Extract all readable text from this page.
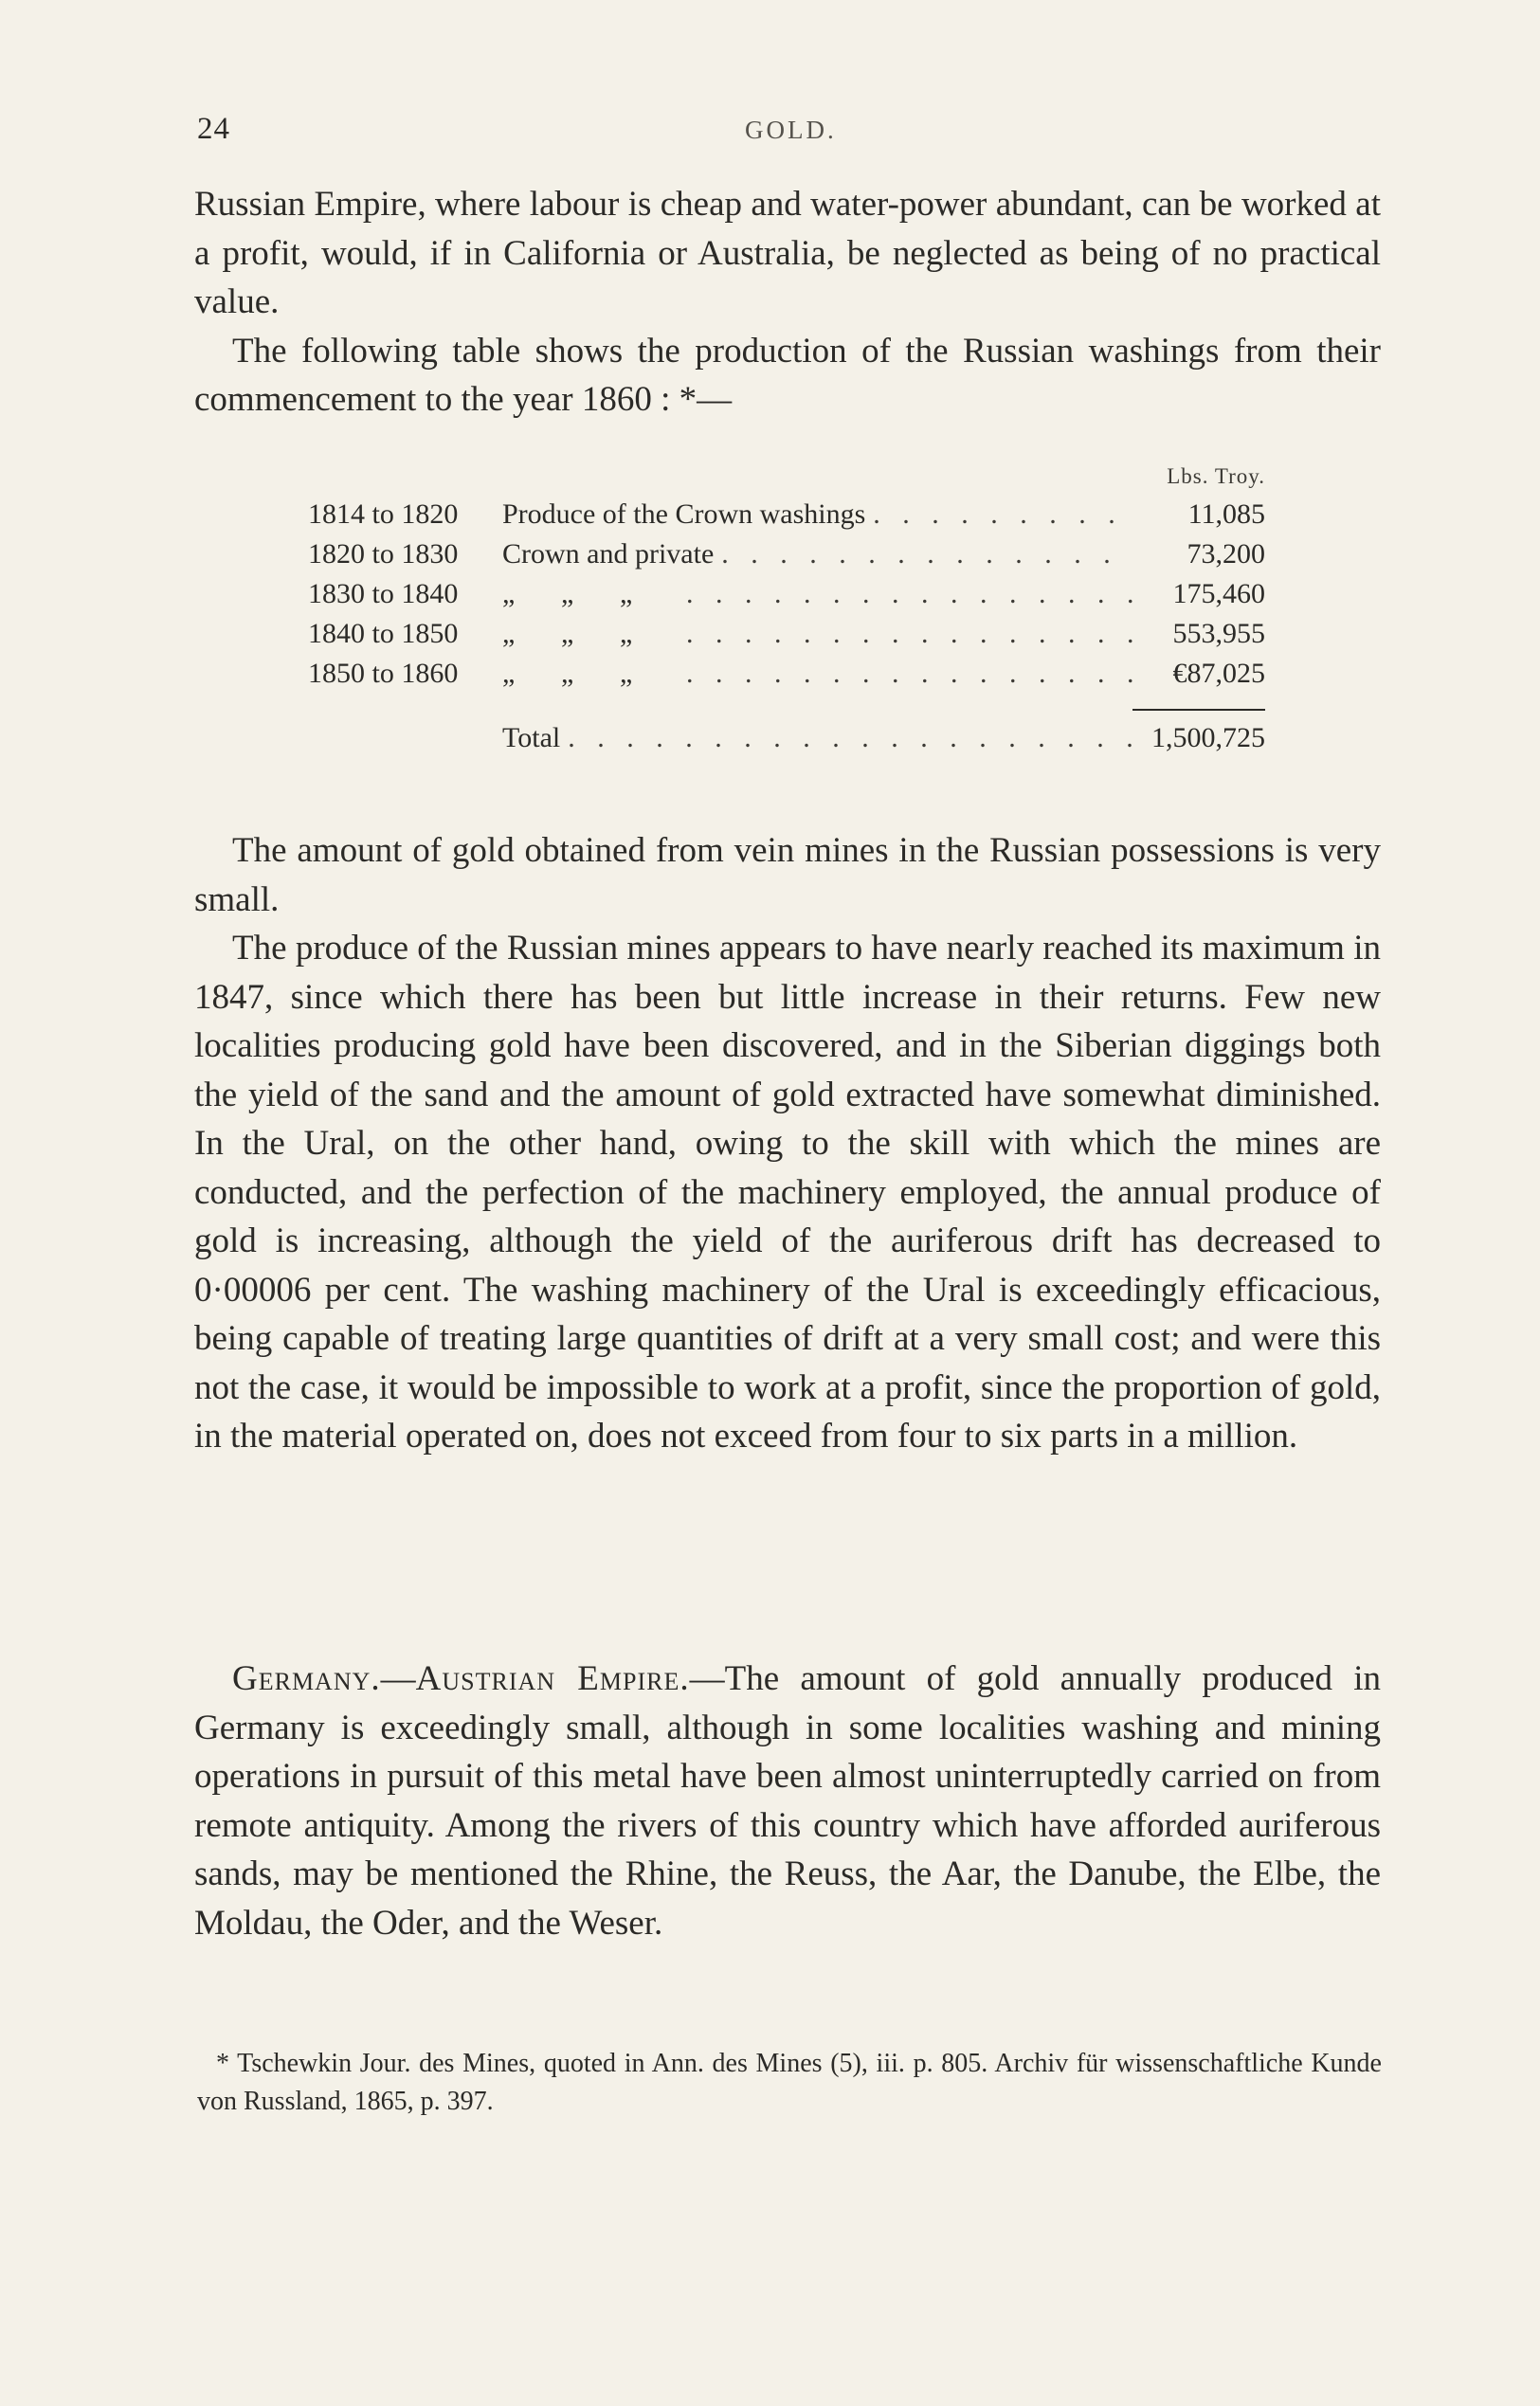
24	GOLD.

Russian Empire, where labour is cheap and water-power abundant, can be worked at a profit, would, if in California or Australia, be neglected as being of no practical value.

The following table shows the production of the Russian washings from their commencement to the year 1860 : *—

Lbs. Troy.
1814 to 1820	Produce of the Crown washings . . .	11,085
1820 to 1830	Crown and private . . .	73,200
1830 to 1840	„ „ „ . . .	175,460
1840 to 1850	„ „ „ . . .	553,955
1850 to 1860	„ „ „ . . .	€87,025
Total . . .	1,500,725

The amount of gold obtained from vein mines in the Russian possessions is very small.

The produce of the Russian mines appears to have nearly reached its maximum in 1847, since which there has been but little increase in their returns. Few new localities producing gold have been discovered, and in the Siberian diggings both the yield of the sand and the amount of gold extracted have somewhat diminished. In the Ural, on the other hand, owing to the skill with which the mines are conducted, and the perfection of the machinery employed, the annual produce of gold is increasing, although the yield of the auriferous drift has decreased to 0·00006 per cent. The washing machinery of the Ural is exceedingly efficacious, being capable of treating large quantities of drift at a very small cost; and were this not the case, it would be impossible to work at a profit, since the proportion of gold, in the material operated on, does not exceed from four to six parts in a million.

Germany.—Austrian Empire.—The amount of gold annually produced in Germany is exceedingly small, although in some localities washing and mining operations in pursuit of this metal have been almost uninterruptedly carried on from remote antiquity. Among the rivers of this country which have afforded auriferous sands, may be mentioned the Rhine, the Reuss, the Aar, the Danube, the Elbe, the Moldau, the Oder, and the Weser.

* Tschewkin Jour. des Mines, quoted in Ann. des Mines (5), iii. p. 805. Archiv für wissenschaftliche Kunde von Russland, 1865, p. 397.
